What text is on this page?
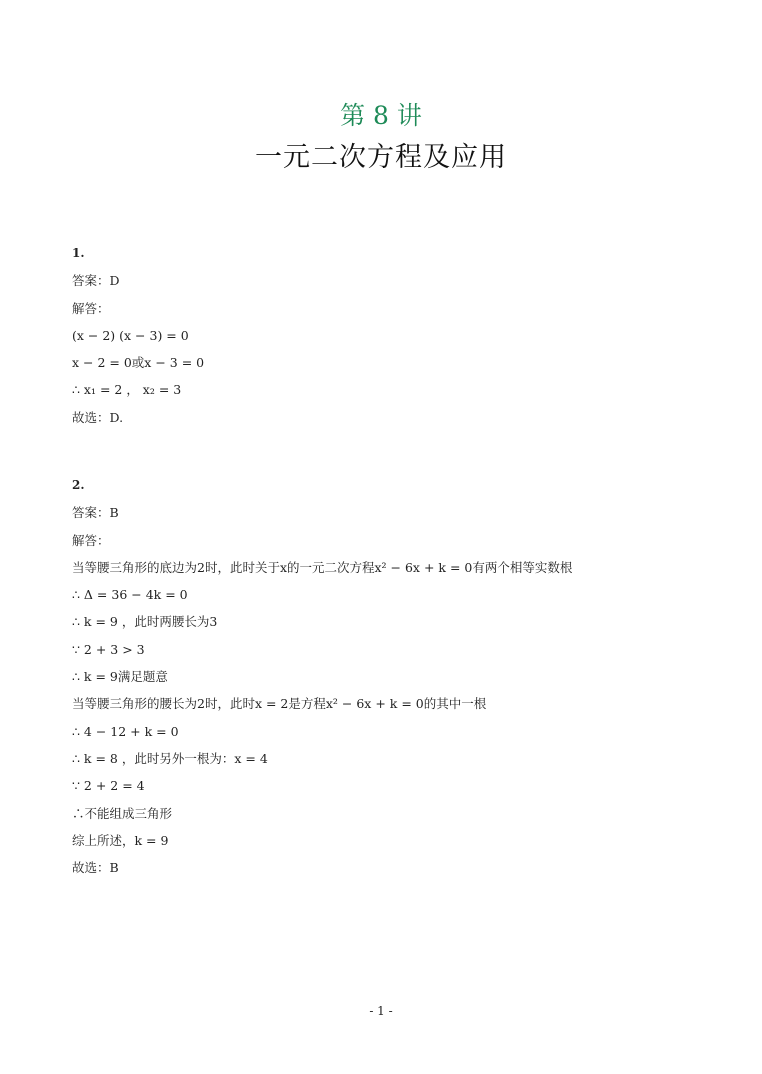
第 8 讲
一元二次方程及应用
1.
答案：D
解答：
(x − 2) (x − 3) = 0
x − 2 = 0或x − 3 = 0
∴ x₁ = 2 ， x₂ = 3
故选：D.
2.
答案：B
解答：
当等腰三角形的底边为2时，此时关于x的一元二次方程x² − 6x + k = 0有两个相等实数根
∴ Δ = 36 − 4k = 0
∴ k = 9 ，此时两腰长为3
∵ 2 + 3 > 3
∴ k = 9满足题意
当等腰三角形的腰长为2时，此时x = 2是方程x² − 6x + k = 0的其中一根
∴ 4 − 12 + k = 0
∴ k = 8 ，此时另外一根为：x = 4
∵ 2 + 2 = 4
∴不能组成三角形
综上所述，k = 9
故选：B
- 1 -
